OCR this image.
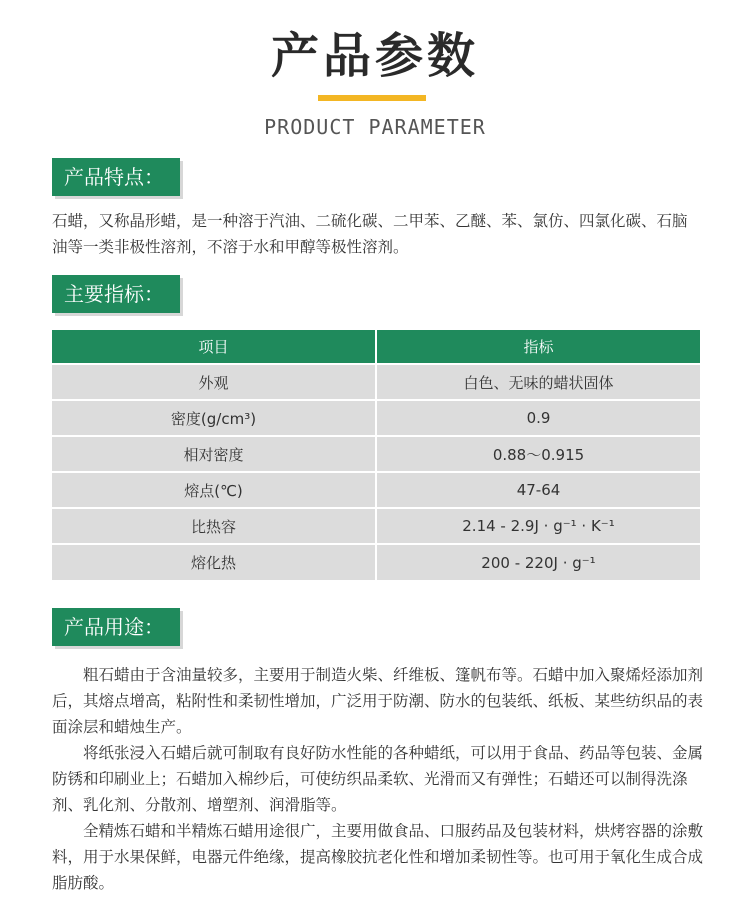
产品参数
PRODUCT PARAMETER
产品特点：
石蜡，又称晶形蜡，是一种溶于汽油、二硫化碳、二甲苯、乙醚、苯、氯仿、四氯化碳、石脑油等一类非极性溶剂，不溶于水和甲醇等极性溶剂。
主要指标：
项目	指标
外观	白色、无味的蜡状固体
密度(g/cm³)	0.9
相对密度	0.88～0.915
熔点(℃)	47-64
比热容	2.14 - 2.9J · g⁻¹ · K⁻¹
熔化热	200 - 220J · g⁻¹
产品用途：

粗石蜡由于含油量较多，主要用于制造火柴、纤维板、篷帆布等。石蜡中加入聚烯烃添加剂后，其熔点增高，粘附性和柔韧性增加，广泛用于防潮、防水的包装纸、纸板、某些纺织品的表面涂层和蜡烛生产。

将纸张浸入石蜡后就可制取有良好防水性能的各种蜡纸，可以用于食品、药品等包装、金属防锈和印刷业上；石蜡加入棉纱后，可使纺织品柔软、光滑而又有弹性；石蜡还可以制得洗涤剂、乳化剂、分散剂、增塑剂、润滑脂等。

全精炼石蜡和半精炼石蜡用途很广，主要用做食品、口服药品及包装材料，烘烤容器的涂敷料，用于水果保鲜，电器元件绝缘，提高橡胶抗老化性和增加柔韧性等。也可用于氧化生成合成脂肪酸。
